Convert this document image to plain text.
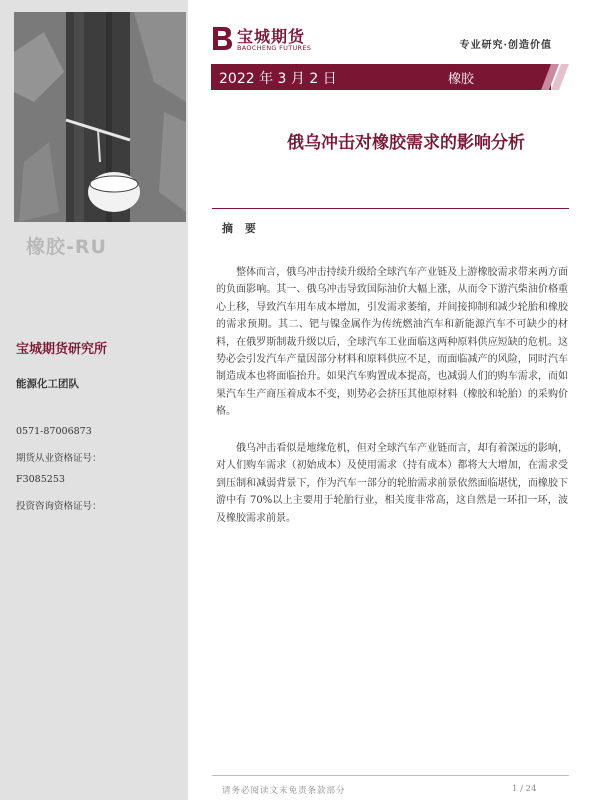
橡胶-RU
宝城期货研究所
能源化工团队
0571-87006873
期货从业资格证号：
F3085253
投资咨询资格证号：
宝城期货
BAOCHENG FUTURES	专业研究·创造价值
2022 年 3 月 2 日	橡胶
俄乌冲击对橡胶需求的影响分析
摘 要

整体而言，俄乌冲击持续升级给全球汽车产业链及上游橡胶需求带来两方面的负面影响。其一、俄乌冲击导致国际油价大幅上涨，从而令下游汽柴油价格重心上移，导致汽车用车成本增加，引发需求萎缩，并间接抑制和减少轮胎和橡胶的需求预期。其二、钯与镍金属作为传统燃油汽车和新能源汽车不可缺少的材料，在俄罗斯制裁升级以后，全球汽车工业面临这两种原料供应短缺的危机。这势必会引发汽车产量因部分材料和原料供应不足，而面临减产的风险，同时汽车制造成本也将面临抬升。如果汽车购置成本提高，也减弱人们的购车需求，而如果汽车生产商压着成本不变，则势必会挤压其他原材料（橡胶和轮胎）的采购价格。

俄乌冲击看似是地缘危机，但对全球汽车产业链而言，却有着深远的影响，对人们购车需求（初始成本）及使用需求（持有成本）都将大大增加，在需求受到压制和减弱背景下，作为汽车一部分的轮胎需求前景依然面临堪忧，而橡胶下游中有 70%以上主要用于轮胎行业，相关度非常高，这自然是一环扣一环，波及橡胶需求前景。

请务必阅读文末免责条款部分	1 / 24
